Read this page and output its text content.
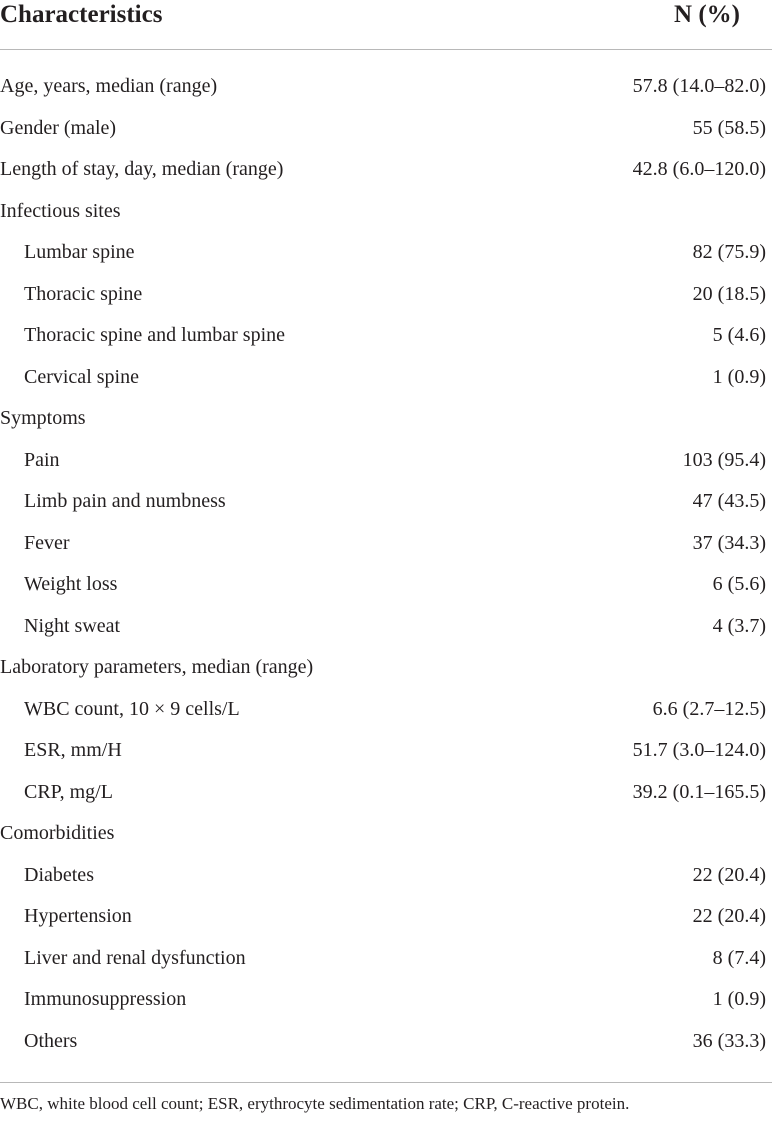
Characteristics	N (%)
Age, years, median (range)	57.8 (14.0–82.0)
Gender (male)	55 (58.5)
Length of stay, day, median (range)	42.8 (6.0–120.0)
Infectious sites
Lumbar spine	82 (75.9)
Thoracic spine	20 (18.5)
Thoracic spine and lumbar spine	5 (4.6)
Cervical spine	1 (0.9)
Symptoms
Pain	103 (95.4)
Limb pain and numbness	47 (43.5)
Fever	37 (34.3)
Weight loss	6 (5.6)
Night sweat	4 (3.7)
Laboratory parameters, median (range)
WBC count, 10 × 9 cells/L	6.6 (2.7–12.5)
ESR, mm/H	51.7 (3.0–124.0)
CRP, mg/L	39.2 (0.1–165.5)
Comorbidities
Diabetes	22 (20.4)
Hypertension	22 (20.4)
Liver and renal dysfunction	8 (7.4)
Immunosuppression	1 (0.9)
Others	36 (33.3)
WBC, white blood cell count; ESR, erythrocyte sedimentation rate; CRP, C-reactive protein.
